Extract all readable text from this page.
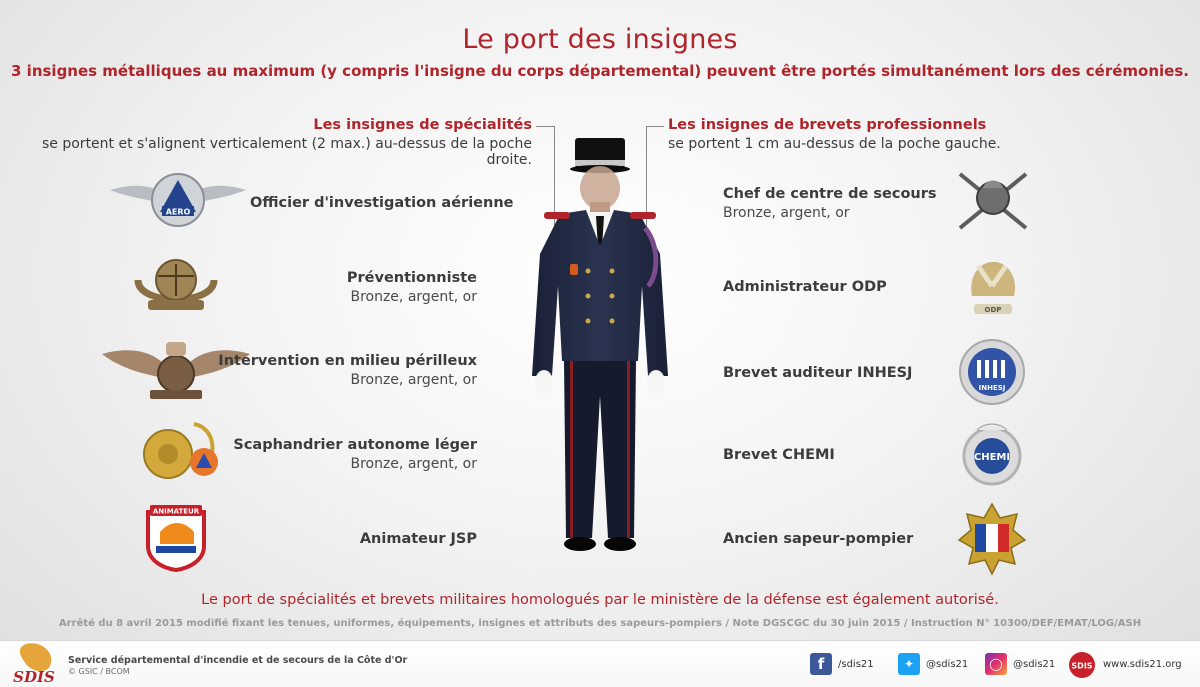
Le port des insignes
3 insignes métalliques au maximum (y compris l'insigne du corps départemental) peuvent être portés simultanément lors des cérémonies.
Les insignes de spécialités
se portent et s'alignent verticalement (2 max.) au-dessus de la poche droite.
Les insignes de brevets professionnels
se portent 1 cm au-dessus de la poche gauche.
AERO
Officier d'investigation aérienne
Préventionniste
Bronze, argent, or
Intervention en milieu périlleux
Bronze, argent, or
Scaphandrier autonome léger
Bronze, argent, or
ANIMATEUR
Animateur JSP
Chef de centre de secours
Bronze, argent, or
Administrateur ODP
ODP
Brevet auditeur INHESJ
INHESJ
Brevet CHEMI	CHEMI
Ancien sapeur-pompier
Le port de spécialités et brevets militaires homologués par le ministère de la défense est également autorisé.
Arrêté du 8 avril 2015 modifié fixant les tenues, uniformes, équipements, insignes et attributs des sapeurs-pompiers / Note DGSCGC du 30 juin 2015 / Instruction N° 10300/DEF/EMAT/LOG/ASH
SDIS
Service départemental d'incendie et de secours de la Côte d'Or
© GSIC / BCOM	f	/sdis21	✦	@sdis21	◯	@sdis21 SDIS www.sdis21.org
